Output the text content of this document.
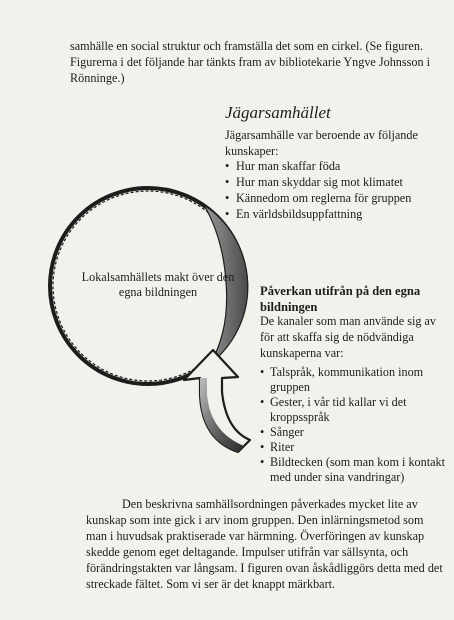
samhälle en social struktur och framställa det som en cirkel. (Se figuren. Figurerna i det följande har tänkts fram av bibliotekarie Yngve Johnsson i Rönninge.)

Jägarsamhället

Jägarsamhälle var beroende av följande kunskaper:

• Hur man skaffar föda
• Hur man skyddar sig mot klimatet
• Kännedom om reglerna för gruppen
• En världsbildsuppfattning

Lokalsamhällets makt över den egna bildningen	Påverkan utifrån på den egna bildningen

De kanaler som man använde sig av för att skaffa sig de nödvändiga kunskaperna var:

• Talspråk, kommunikation inom gruppen
• Gester, i vår tid kallar vi det kroppsspråk
• Sånger
• Riter
• Bildtecken (som man kom i kontakt med under sina vandringar)

Den beskrivna samhällsordningen påverkades mycket lite av kunskap som inte gick i arv inom gruppen. Den inlärningsmetod som man i huvudsak praktiserade var härmning. Överföringen av kunskap skedde genom eget deltagande. Impulser utifrån var sällsynta, och förändringstakten var långsam. I figuren ovan åskådliggörs detta med det streckade fältet. Som vi ser är det knappt märkbart.
